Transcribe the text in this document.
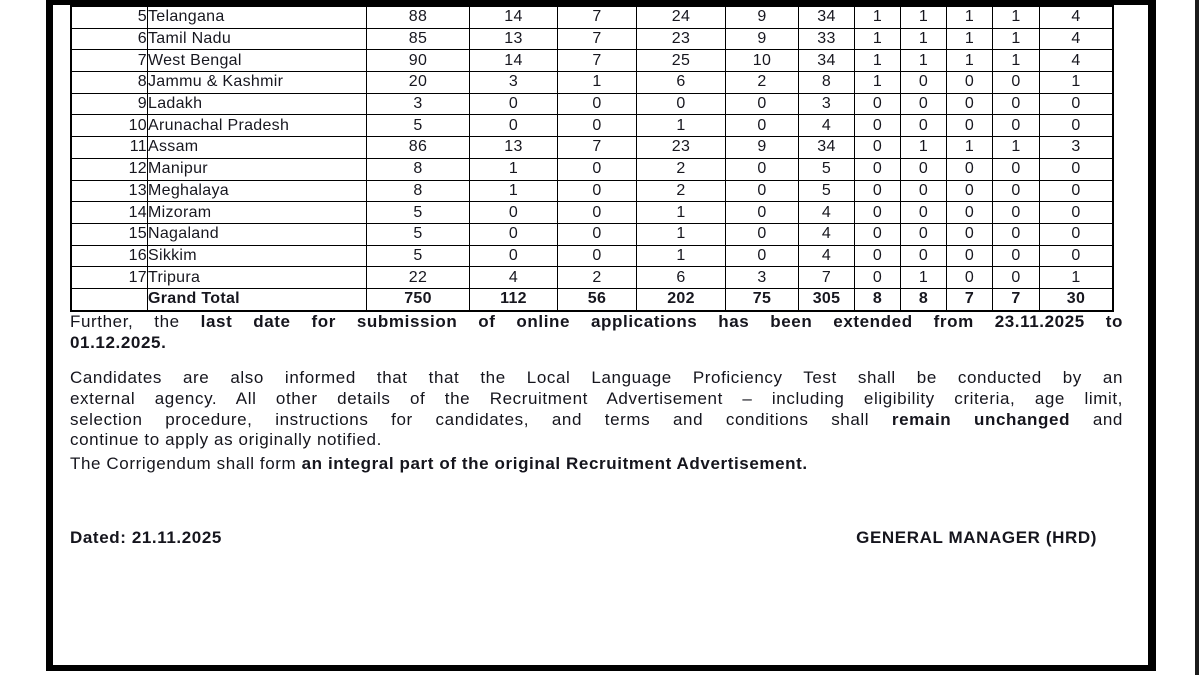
5	Telangana	88	14	7	24	9	34	1	1	1	1	4
6	Tamil Nadu	85	13	7	23	9	33	1	1	1	1	4
7	West Bengal	90	14	7	25	10	34	1	1	1	1	4
8	Jammu & Kashmir	20	3	1	6	2	8	1	0	0	0	1
9	Ladakh	3	0	0	0	0	3	0	0	0	0	0
10	Arunachal Pradesh	5	0	0	1	0	4	0	0	0	0	0
11	Assam	86	13	7	23	9	34	0	1	1	1	3
12	Manipur	8	1	0	2	0	5	0	0	0	0	0
13	Meghalaya	8	1	0	2	0	5	0	0	0	0	0
14	Mizoram	5	0	0	1	0	4	0	0	0	0	0
15	Nagaland	5	0	0	1	0	4	0	0	0	0	0
16	Sikkim	5	0	0	1	0	4	0	0	0	0	0
17	Tripura	22	4	2	6	3	7	0	1	0	0	1
	Grand Total	750	112	56	202	75	305	8	8	7	7	30
Further, the last date for submission of online applications has been extended from 23.11.2025 to
01.12.2025.
Candidates are also informed that that the Local Language Proficiency Test shall be conducted by an
external agency. All other details of the Recruitment Advertisement – including eligibility criteria, age limit,
selection procedure, instructions for candidates, and terms and conditions shall remain unchanged and
continue to apply as originally notified.
The Corrigendum shall form an integral part of the original Recruitment Advertisement.
Dated: 21.11.2025	GENERAL MANAGER (HRD)
